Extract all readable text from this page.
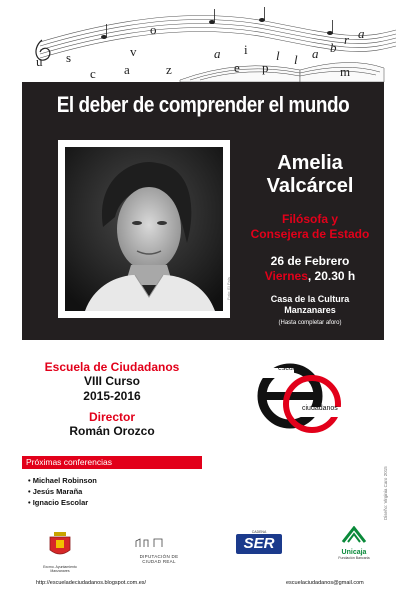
o
a	l a b
r a
u s
c a
v
z	p	m
l
e
i
El deber de comprender el mundo
Foto: El País
Amelia
Valcárcel
Filósofa y
Consejera de Estado
26 de Febrero
Viernes, 20.30 h
Casa de la Cultura
Manzanares
(Hasta completar aforo)
Escuela de Ciudadanos
VIII Curso
2015-2016
Director
Román Orozco
escuela
ciudadanos
Próximas conferencias
• Michael Robinson
• Jesús Maraña
• Ignacio Escolar	Diseño: Virginia Caro 2015
Excmo. Ayuntamiento Manzanares
DIPUTACIÓN DE CIUDAD REAL
CADENA
SER
Unicaja
Fundación Bancaria
http://escueladeciudadanos.blogspot.com.es/	escuelaciudadanos@gmail.com
